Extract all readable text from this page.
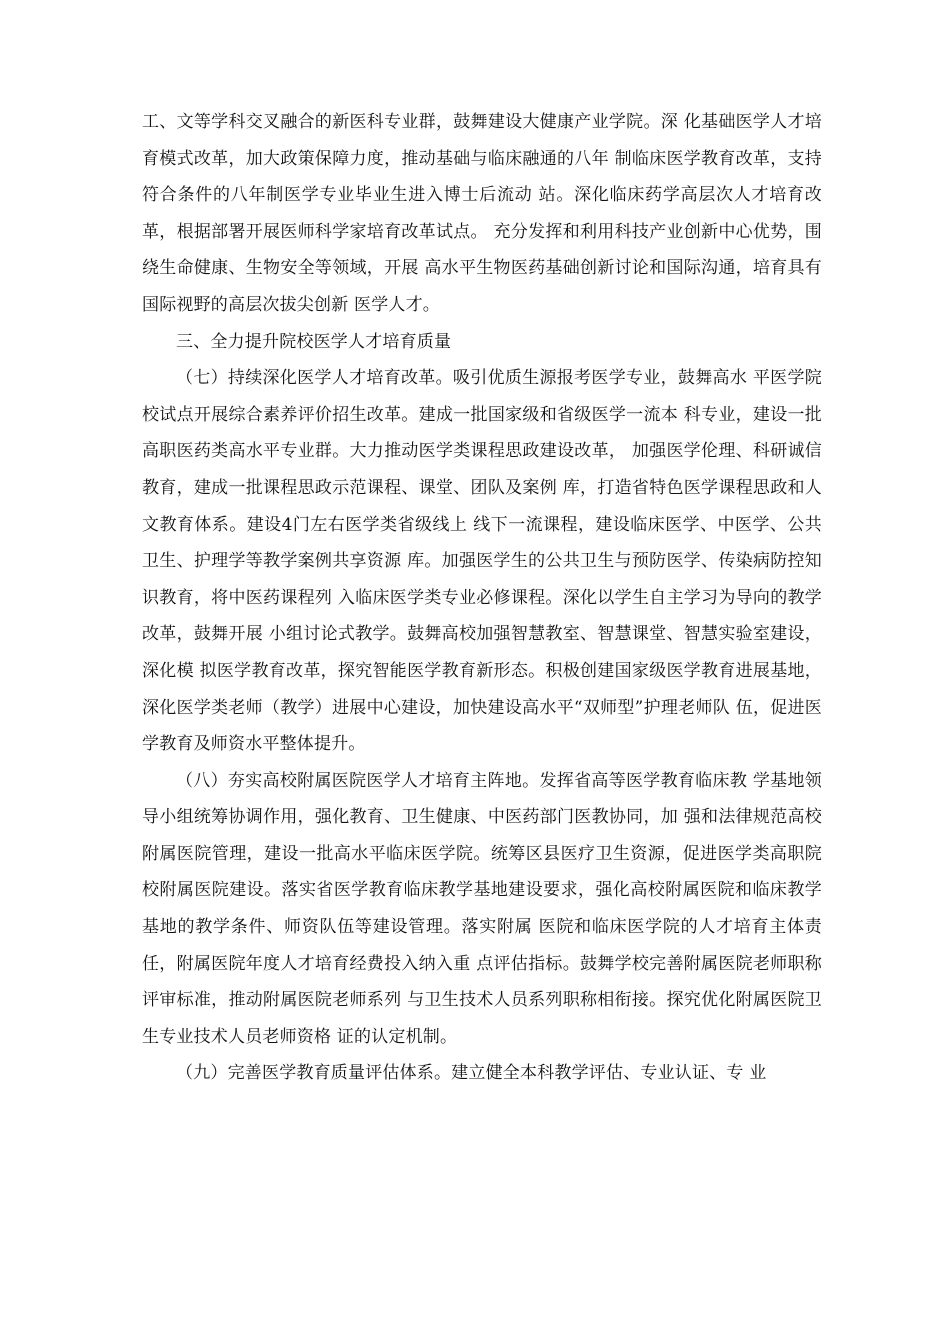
工、文等学科交叉融合的新医科专业群，鼓舞建设大健康产业学院。深 化基础医学人才培育模式改革，加大政策保障力度，推动基础与临床融通的八年 制临床医学教育改革，支持符合条件的八年制医学专业毕业生进入博士后流动 站。深化临床药学高层次人才培育改革，根据部署开展医师科学家培育改革试点。 充分发挥和利用科技产业创新中心优势，围绕生命健康、生物安全等领域，开展 高水平生物医药基础创新讨论和国际沟通，培育具有国际视野的高层次拔尖创新 医学人才。

三、全力提升院校医学人才培育质量

（七）持续深化医学人才培育改革。吸引优质生源报考医学专业，鼓舞高水 平医学院校试点开展综合素养评价招生改革。建成一批国家级和省级医学一流本 科专业，建设一批高职医药类高水平专业群。大力推动医学类课程思政建设改革， 加强医学伦理、科研诚信教育，建成一批课程思政示范课程、课堂、团队及案例 库，打造省特色医学课程思政和人文教育体系。建设4门左右医学类省级线上 线下一流课程，建设临床医学、中医学、公共卫生、护理学等教学案例共享资源 库。加强医学生的公共卫生与预防医学、传染病防控知识教育，将中医药课程列 入临床医学类专业必修课程。深化以学生自主学习为导向的教学改革，鼓舞开展 小组讨论式教学。鼓舞高校加强智慧教室、智慧课堂、智慧实验室建设，深化模 拟医学教育改革，探究智能医学教育新形态。积极创建国家级医学教育进展基地， 深化医学类老师（教学）进展中心建设，加快建设高水平“双师型”护理老师队 伍，促进医学教育及师资水平整体提升。

（八）夯实高校附属医院医学人才培育主阵地。发挥省高等医学教育临床教 学基地领导小组统筹协调作用，强化教育、卫生健康、中医药部门医教协同，加 强和法律规范高校附属医院管理，建设一批高水平临床医学院。统筹区县医疗卫生资源，促进医学类高职院校附属医院建设。落实省医学教育临床教学基地建设要求，强化高校附属医院和临床教学基地的教学条件、师资队伍等建设管理。落实附属 医院和临床医学院的人才培育主体责任，附属医院年度人才培育经费投入纳入重 点评估指标。鼓舞学校完善附属医院老师职称评审标准，推动附属医院老师系列 与卫生技术人员系列职称相衔接。探究优化附属医院卫生专业技术人员老师资格 证的认定机制。

（九）完善医学教育质量评估体系。建立健全本科教学评估、专业认证、专 业
